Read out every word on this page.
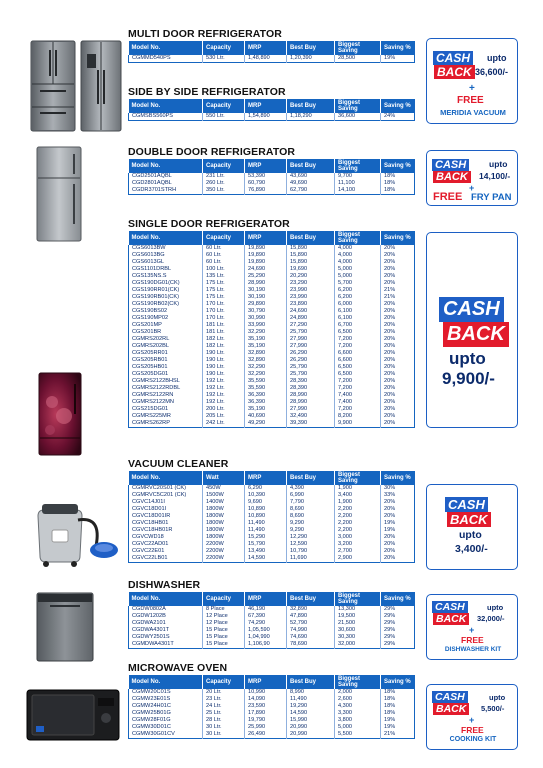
MULTI DOOR REFRIGERATOR
Model No.	Capacity	MRP	Best Buy	Biggest Saving	Saving %
CGMMD540PS	530 Ltr.	1,48,890	1,20,390	28,500	19%
SIDE BY SIDE REFRIGERATOR
Model No.	Capacity	MRP	Best Buy	Biggest Saving	Saving %
CGMSBS560PS	550 Ltr.	1,54,890	1,18,290	36,600	24%
DOUBLE DOOR REFRIGERATOR
Model No.	Capacity	MRP	Best Buy	Biggest Saving	Saving %
CGD2501AQBL	231 Ltr.	53,390	43,690	9,700	18%
CGD2801AQBL	260 Ltr.	60,790	49,690	11,100	18%
CGDR3701STRH	350 Ltr.	76,890	62,790	14,100	18%
SINGLE DOOR REFRIGERATOR
Model No.	Capacity	MRP	Best Buy	Biggest Saving	Saving %
CGS6013BW	60 Ltr.	19,890	15,890	4,000	20%
CGS6013BG	60 Ltr.	19,890	15,890	4,000	20%
CGS6013GL	60 Ltr.	19,890	15,890	4,000	20%
CGS1101DRBL	100 Ltr.	24,690	19,690	5,000	20%
CGS135NS.S	135 Ltr.	25,290	20,290	5,000	20%
CGS190DG01(CK)	175 Ltr.	28,990	23,290	5,700	20%
CGS190RR01(CK)	175 Ltr.	30,190	23,990	6,200	21%
CGS190RB01(CK)	175 Ltr.	30,190	23,990	6,200	21%
CGS190RB02(CK)	170 Ltr.	29,890	23,890	6,000	20%
CGS190BS02	170 Ltr.	30,790	24,690	6,100	20%
CGS190MP02	170 Ltr.	30,990	24,890	6,100	20%
CGS201MP	181 Ltr.	33,990	27,290	6,700	20%
CGS201BR	181 Ltr.	32,290	25,790	6,500	20%
CGMRS202RL	182 Ltr.	35,190	27,990	7,200	20%
CGMRS202BL	182 Ltr.	35,190	27,990	7,200	20%
CGS205RR01	190 Ltr.	32,890	26,290	6,600	20%
CGS205RB01	190 Ltr.	32,890	26,290	6,600	20%
CGS205HB01	190 Ltr.	32,290	25,790	6,500	20%
CGS205DG01	190 Ltr.	32,290	25,790	6,500	20%
CGMRS2122BHSL	192 Ltr.	35,590	28,390	7,200	20%
CGMRS2122RDBL	192 Ltr.	35,590	28,390	7,200	20%
CGMRS2122RN	192 Ltr.	36,390	28,990	7,400	20%
CGMRS2122MN	192 Ltr.	36,390	28,990	7,400	20%
CGS215DG01	200 Ltr.	35,190	27,990	7,200	20%
CGMRS225MR	205 Ltr.	40,690	32,490	8,200	20%
CGMRS262RP	242 Ltr.	49,290	39,390	9,900	20%
VACUUM CLEANER
Model No.	Watt	MRP	Best Buy	Biggest Saving	Saving %
CGMRVC20S01 (CK)	450W	6,290	4,390	1,900	30%
CGMRVC5C201 (CK)	1500W	10,390	6,990	3,400	33%
CGVC14J01I	1400W	9,690	7,790	1,900	20%
CGVC18D01I	1800W	10,890	8,690	2,200	20%
CGVC18D01IR	1800W	10,890	8,690	2,200	20%
CGVC18HB01	1800W	11,490	9,290	2,200	19%
CGVC18HB01R	1800W	11,490	9,290	2,200	19%
CGVCWD18	1800W	15,290	12,290	3,000	20%
CGVC22AD01	2200W	15,790	12,590	3,200	20%
CGVC22E01	2200W	13,490	10,790	2,700	20%
CGVC22LB01	2200W	14,590	11,690	2,900	20%
DISHWASHER
Model No.	Capacity	MRP	Best Buy	Biggest Saving	Saving %
CGDW0802A	8 Place	46,190	32,890	13,300	29%
CGDW1202B	12 Place	67,390	47,890	19,500	29%
CGDWA2101	12 Place	74,290	52,790	21,500	29%
CGDWA4301T	15 Place	1,05,590	74,990	30,600	29%
CGDWY2501S	15 Place	1,04,990	74,690	30,300	29%
CGMDWA4301T	15 Place	1,106,90	78,690	32,000	29%
MICROWAVE OVEN
Model No.	Capacity	MRP	Best Buy	Biggest Saving	Saving %
CGMW20C01S	20 Ltr.	10,990	8,990	2,000	18%
CGMW23E01S	23 Ltr.	14,090	11,490	2,600	18%
CGMW24H01C	24 Ltr.	23,590	19,290	4,300	18%
CGMW25B01G	25 Ltr.	17,890	14,590	3,300	18%
CGMW28F01G	28 Ltr.	19,790	15,990	3,800	19%
CGMW30D01C	30 Ltr.	25,990	20,990	5,000	19%
CGMW30G01CV	30 Ltr.	26,490	20,990	5,500	21%
CASH
BACK
upto
36,600/-
+
FREE
MERIDIA VACUUM
CASH
BACK
upto
14,100/-
+
FREE FRY PAN
CASH
BACK
upto
9,900/-
CASH
BACK
upto
3,400/-
CASH
BACK
upto
32,000/-
+
FREE
DISHWASHER KIT
CASH
BACK
upto
5,500/-
+
FREE
COOKING KIT
